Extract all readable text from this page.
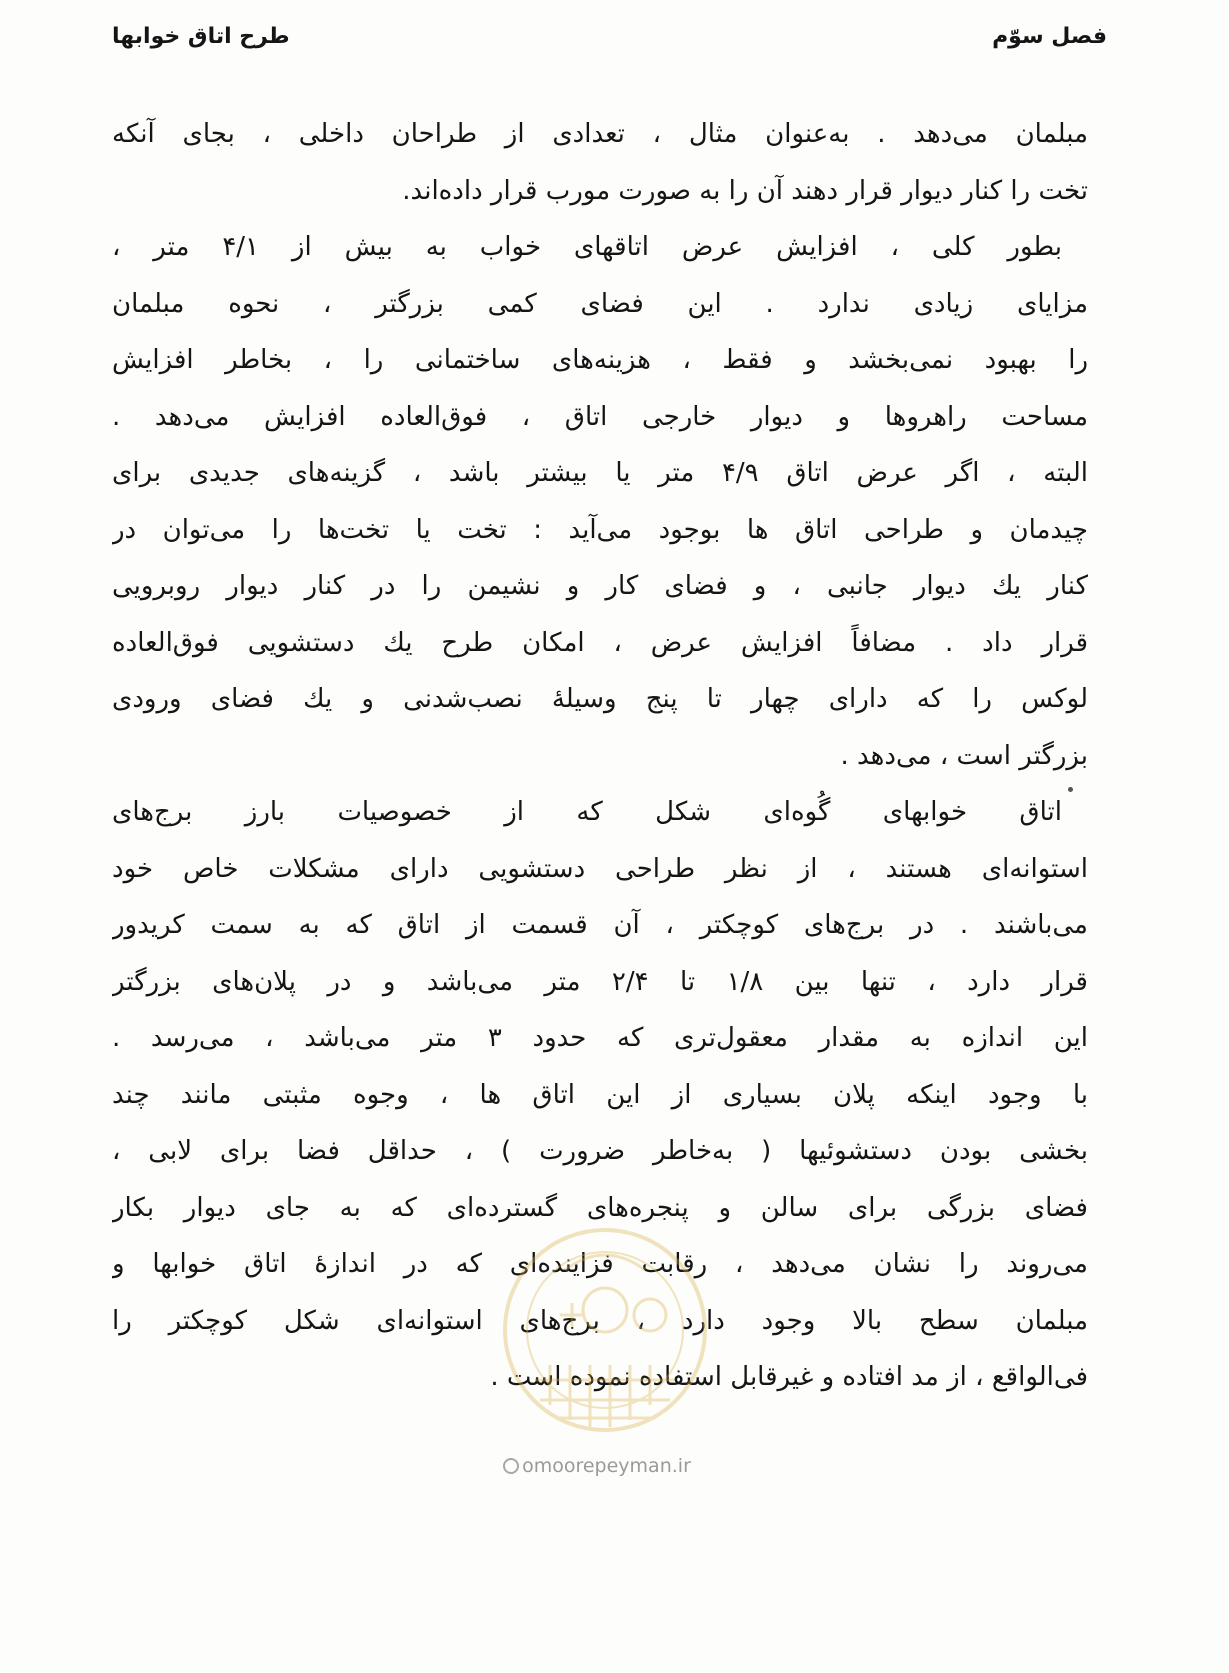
طرح اتاق خوابها	فصل سوّم
مبلمان می‌دهد . به‌عنوان مثال ، تعدادی از طراحان داخلی ، بجای آنکه
تخت را کنار دیوار قرار دهند آن را به صورت مورب قرار داده‌اند.
بطور کلی ، افزایش عرض اتاقهای خواب به بیش از ۴/۱ متر ،
مزایای زیادی ندارد . این فضای کمی بزرگتر ، نحوه مبلمان
را بهبود نمی‌بخشد و فقط ، هزینه‌های ساختمانی را ، بخاطر افزایش
مساحت راهروها و دیوار خارجی اتاق ، فوق‌العاده افزایش می‌دهد .
البته ، اگر عرض اتاق ۴/۹ متر یا بیشتر باشد ، گزینه‌های جدیدی برای
چیدمان و طراحی اتاق ها بوجود می‌آید : تخت یا تخت‌ها را می‌توان در
کنار یك دیوار جانبی ، و فضای کار و نشیمن را در کنار دیوار روبرویی
قرار داد . مضافاً افزایش عرض ، امکان طرح یك دستشویی فوق‌العاده
لوکس را که دارای چهار تا پنج وسیلهٔ نصب‌شدنی و یك فضای ورودی
بزرگتر است ، می‌دهد .
اتاق خوابهای گُوه‌ای شکل که از خصوصیات بارز برج‌های
استوانه‌ای هستند ، از نظر طراحی دستشویی دارای مشکلات خاص خود
می‌باشند . در برج‌های کوچکتر ، آن قسمت از اتاق که به سمت کریدور
قرار دارد ، تنها بین ۱/۸ تا ۲/۴ متر می‌باشد و در پلان‌های بزرگتر
این اندازه به مقدار معقول‌تری که حدود ۳ متر می‌باشد ، می‌رسد .
با وجود اینکه پلان بسیاری از این اتاق ها ، وجوه مثبتی مانند چند
بخشی بودن دستشوئیها ( به‌خاطر ضرورت ) ، حداقل فضا برای لابی ،
فضای بزرگی برای سالن و پنجره‌های گسترده‌ای که به جای دیوار بکار
می‌روند را نشان می‌دهد ، رقابت فزاینده‌ای که در اندازهٔ اتاق خوابها و
مبلمان سطح بالا وجود دارد ، برج‌های استوانه‌ای شکل کوچکتر را
فی‌الواقع ، از مد افتاده و غیرقابل استفاده نموده است .
omoorepeyman.ir
